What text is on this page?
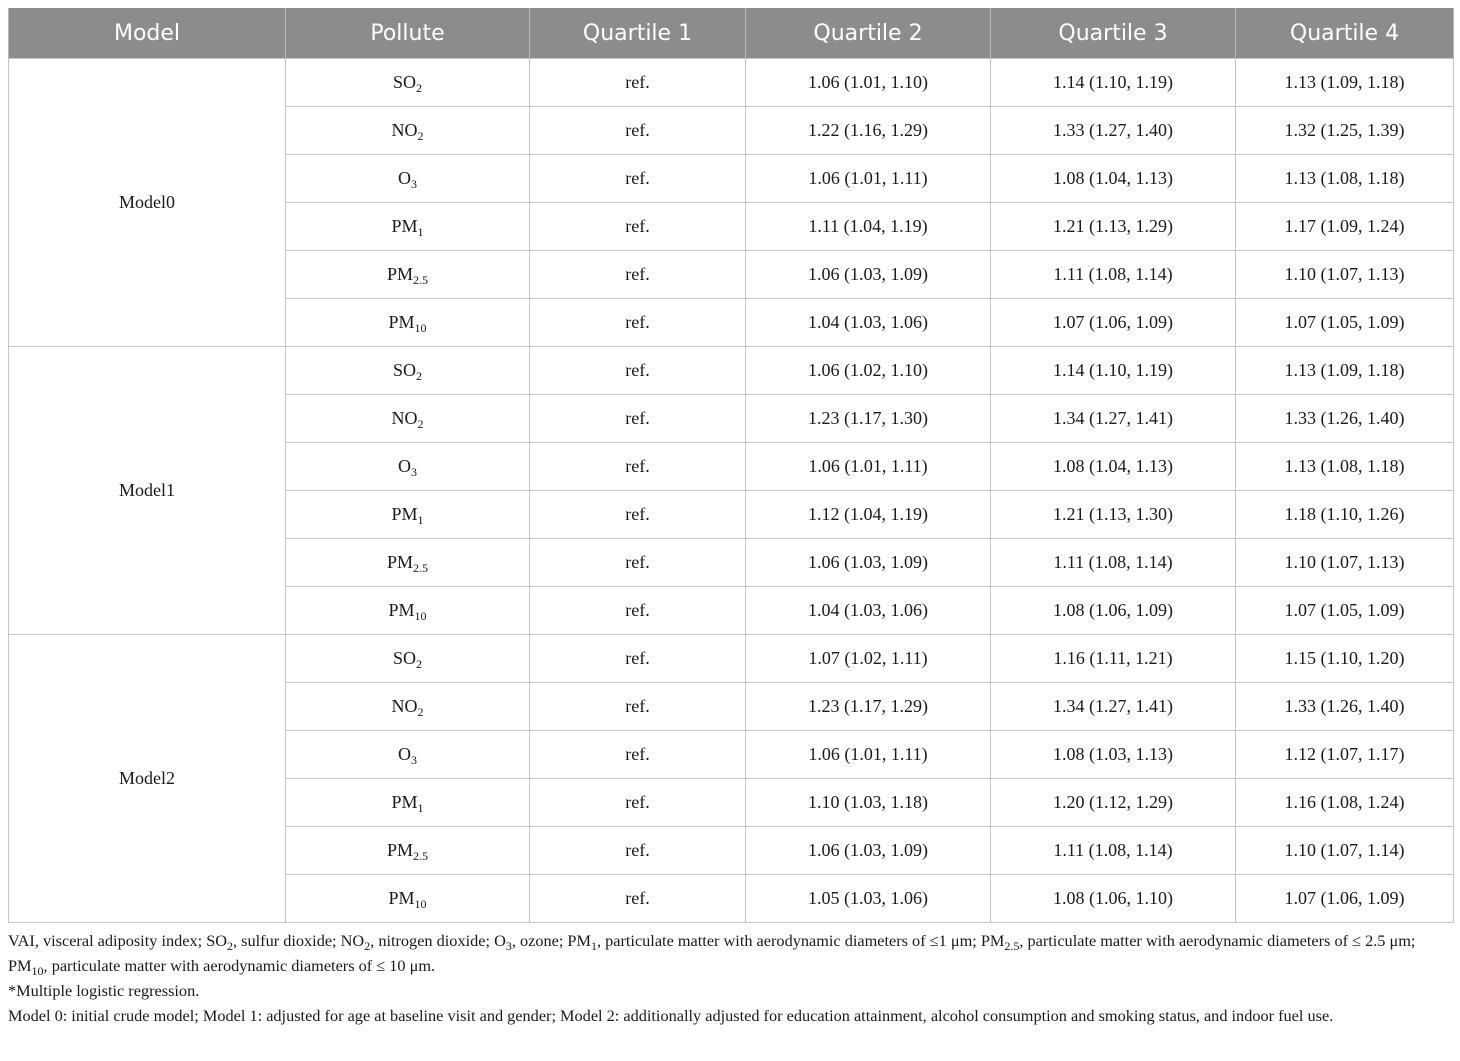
Model	Pollute	Quartile 1	Quartile 2	Quartile 3	Quartile 4
Model0	$SO_2$	ref.	1.06 (1.01, 1.10)	1.14 (1.10, 1.19)	1.13 (1.09, 1.18)
	$NO_2$	ref.	1.22 (1.16, 1.29)	1.33 (1.27, 1.40)	1.32 (1.25, 1.39)
	$O_3$	ref.	1.06 (1.01, 1.11)	1.08 (1.04, 1.13)	1.13 (1.08, 1.18)
	$PM_1$	ref.	1.11 (1.04, 1.19)	1.21 (1.13, 1.29)	1.17 (1.09, 1.24)
	$PM_{2.5}$	ref.	1.06 (1.03, 1.09)	1.11 (1.08, 1.14)	1.10 (1.07, 1.13)
	$PM_{10}$	ref.	1.04 (1.03, 1.06)	1.07 (1.06, 1.09)	1.07 (1.05, 1.09)
Model1	$SO_2$	ref.	1.06 (1.02, 1.10)	1.14 (1.10, 1.19)	1.13 (1.09, 1.18)
	$NO_2$	ref.	1.23 (1.17, 1.30)	1.34 (1.27, 1.41)	1.33 (1.26, 1.40)
	$O_3$	ref.	1.06 (1.01, 1.11)	1.08 (1.04, 1.13)	1.13 (1.08, 1.18)
	$PM_1$	ref.	1.12 (1.04, 1.19)	1.21 (1.13, 1.30)	1.18 (1.10, 1.26)
	$PM_{2.5}$	ref.	1.06 (1.03, 1.09)	1.11 (1.08, 1.14)	1.10 (1.07, 1.13)
	$PM_{10}$	ref.	1.04 (1.03, 1.06)	1.08 (1.06, 1.09)	1.07 (1.05, 1.09)
Model2	$SO_2$	ref.	1.07 (1.02, 1.11)	1.16 (1.11, 1.21)	1.15 (1.10, 1.20)
	$NO_2$	ref.	1.23 (1.17, 1.29)	1.34 (1.27, 1.41)	1.33 (1.26, 1.40)
	$O_3$	ref.	1.06 (1.01, 1.11)	1.08 (1.03, 1.13)	1.12 (1.07, 1.17)
	$PM_1$	ref.	1.10 (1.03, 1.18)	1.20 (1.12, 1.29)	1.16 (1.08, 1.24)
	$PM_{2.5}$	ref.	1.06 (1.03, 1.09)	1.11 (1.08, 1.14)	1.10 (1.07, 1.14)
	$PM_{10}$	ref.	1.05 (1.03, 1.06)	1.08 (1.06, 1.10)	1.07 (1.06, 1.09)

VAI, visceral adiposity index; $SO_2$, sulfur dioxide; $NO_2$, nitrogen dioxide; $O_3$, ozone; $PM_1$, particulate matter with aerodynamic diameters of ≤1 μm; $PM_{2.5}$, particulate matter with aerodynamic diameters of ≤ 2.5 μm; $PM_{10}$, particulate matter with aerodynamic diameters of ≤ 10 μm.

*Multiple logistic regression.

Model 0: initial crude model; Model 1: adjusted for age at baseline visit and gender; Model 2: additionally adjusted for education attainment, alcohol consumption and smoking status, and indoor fuel use.
